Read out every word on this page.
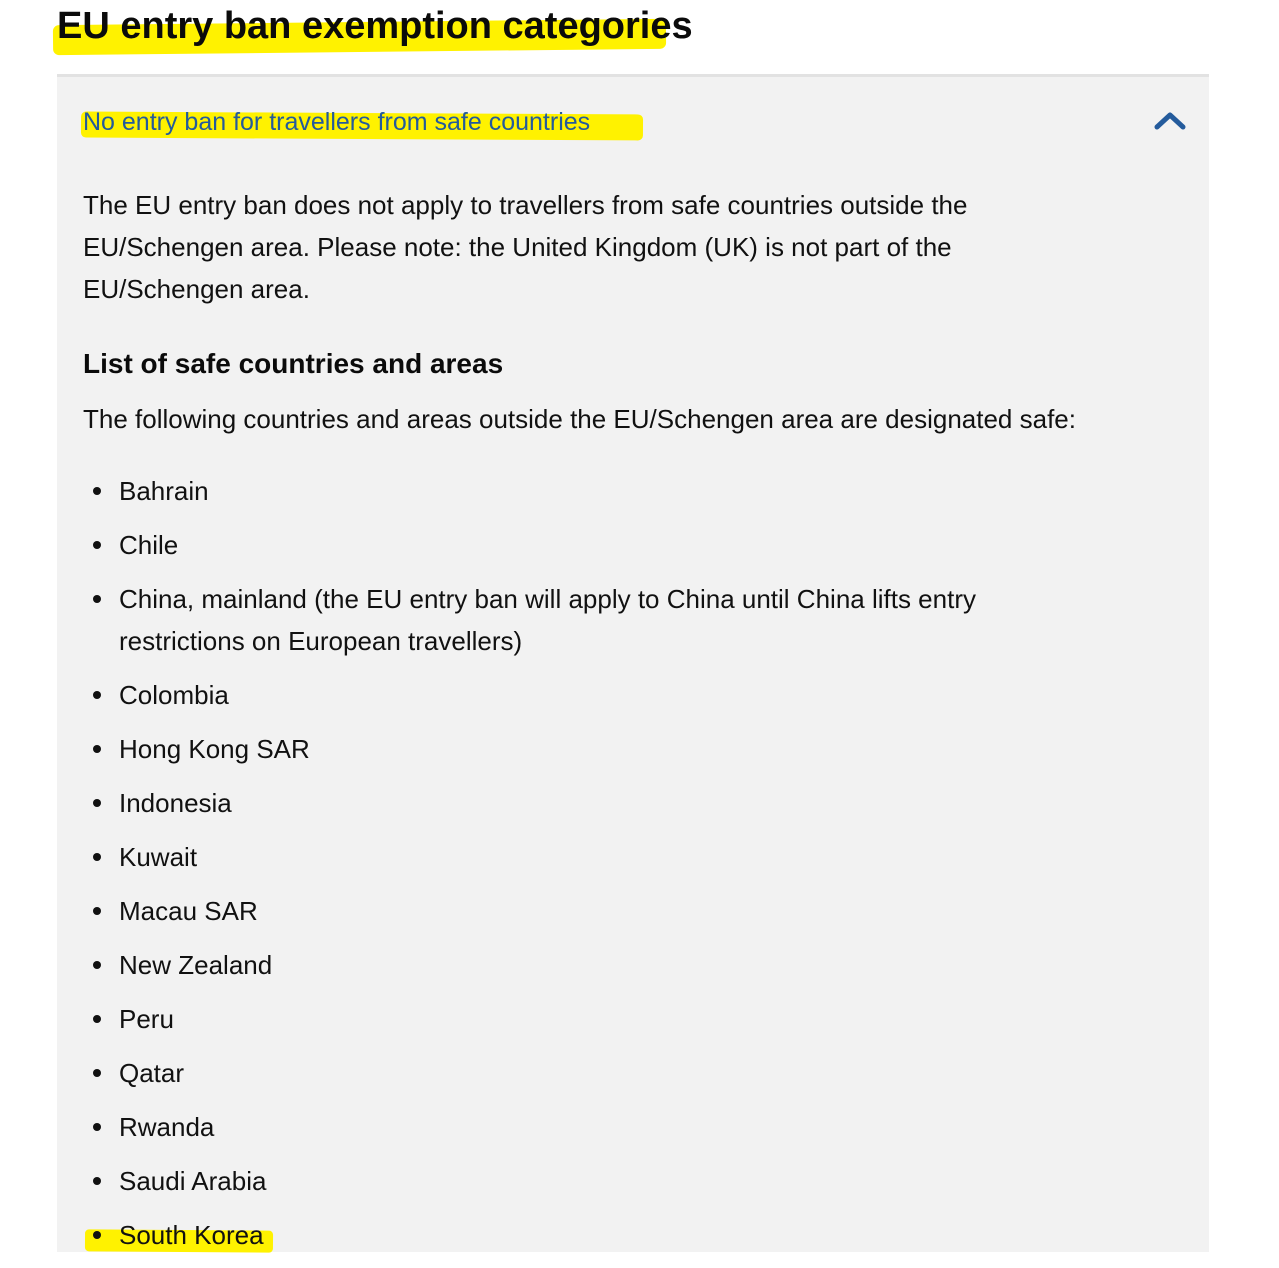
EU entry ban exemption categories
No entry ban for travellers from safe countries

The EU entry ban does not apply to travellers from safe countries outside the EU/Schengen area. Please note: the United Kingdom (UK) is not part of the EU/Schengen area.

List of safe countries and areas

The following countries and areas outside the EU/Schengen area are designated safe:

Bahrain
Chile
China, mainland (the EU entry ban will apply to China until China lifts entry restrictions on European travellers)
Colombia
Hong Kong SAR
Indonesia
Kuwait
Macau SAR
New Zealand
Peru
Qatar
Rwanda
Saudi Arabia
South Korea
